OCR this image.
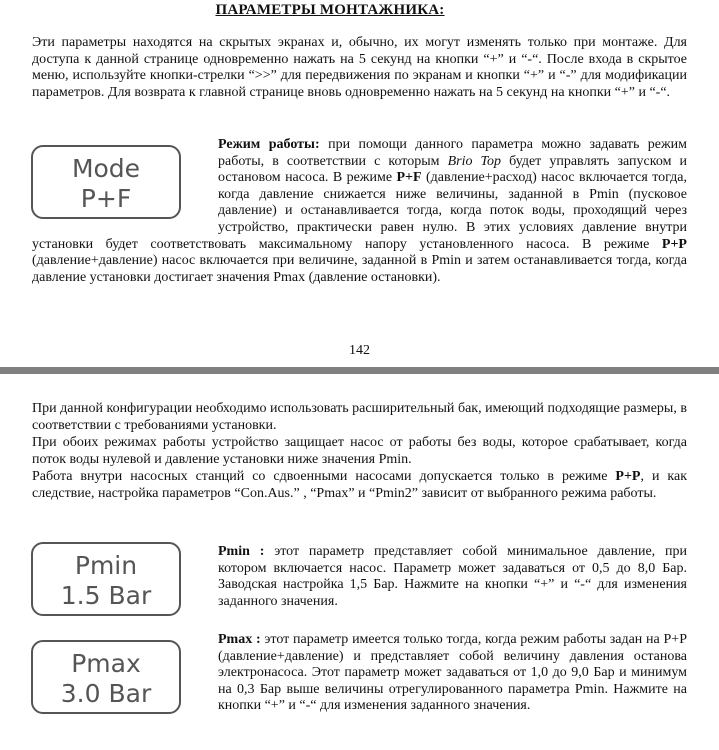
ПАРАМЕТРЫ МОНТАЖНИКА:

Эти параметры находятся на скрытых экранах и, обычно, их могут изменять только при монтаже. Для доступа к данной странице одновременно нажать на 5 секунд на кнопки “+” и “-“. После входа в скрытое меню, используйте кнопки-стрелки “>>” для передвижения по экранам и кнопки “+” и “-” для модификации параметров. Для возврата к главной странице вновь одновременно нажать на 5 секунд на кнопки “+” и “-“.

Mode
P+F

Режим работы: при помощи данного параметра можно задавать режим работы, в соответствии с которым Brio Top будет управлять запуском и остановом насоса. В режиме P+F (давление+расход) насос включается тогда, когда давление снижается ниже величины, заданной в Pmin (пусковое давление) и останавливается тогда, когда поток воды, проходящий через устройство, практически равен нулю. В этих условиях давление внутри установки будет соответствовать максимальному напору установленного насоса. В режиме P+P (давление+давление) насос включается при величине, заданной в Pmin и затем останавливается тогда, когда давление установки достигает значения Pmax (давление остановки).

142

При данной конфигурации необходимо использовать расширительный бак, имеющий подходящие размеры, в соответствии с требованиями установки.

При обоих режимах работы устройство защищает насос от работы без воды, которое срабатывает, когда поток воды нулевой и давление установки ниже значения Pmin.

Работа внутри насосных станций со сдвоенными насосами допускается только в режиме P+P, и как следствие, настройка параметров “Con.Aus.” , “Pmax” и “Pmin2” зависит от выбранного режима работы.

Pmin
1.5 Bar

Pmin : этот параметр представляет собой минимальное давление, при котором включается насос. Параметр может задаваться от 0,5 до 8,0 Бар. Заводская настройка 1,5 Бар. Нажмите на кнопки “+” и “-“ для изменения заданного значения.

Pmax
3.0 Bar

Pmax : этот параметр имеется только тогда, когда режим работы задан на P+P (давление+давление) и представляет собой величину давления останова электронасоса. Этот параметр может задаваться от 1,0 до 9,0 Бар и минимум на 0,3 Бар выше величины отрегулированного параметра Pmin. Нажмите на кнопки “+” и “-“ для изменения заданного значения.
